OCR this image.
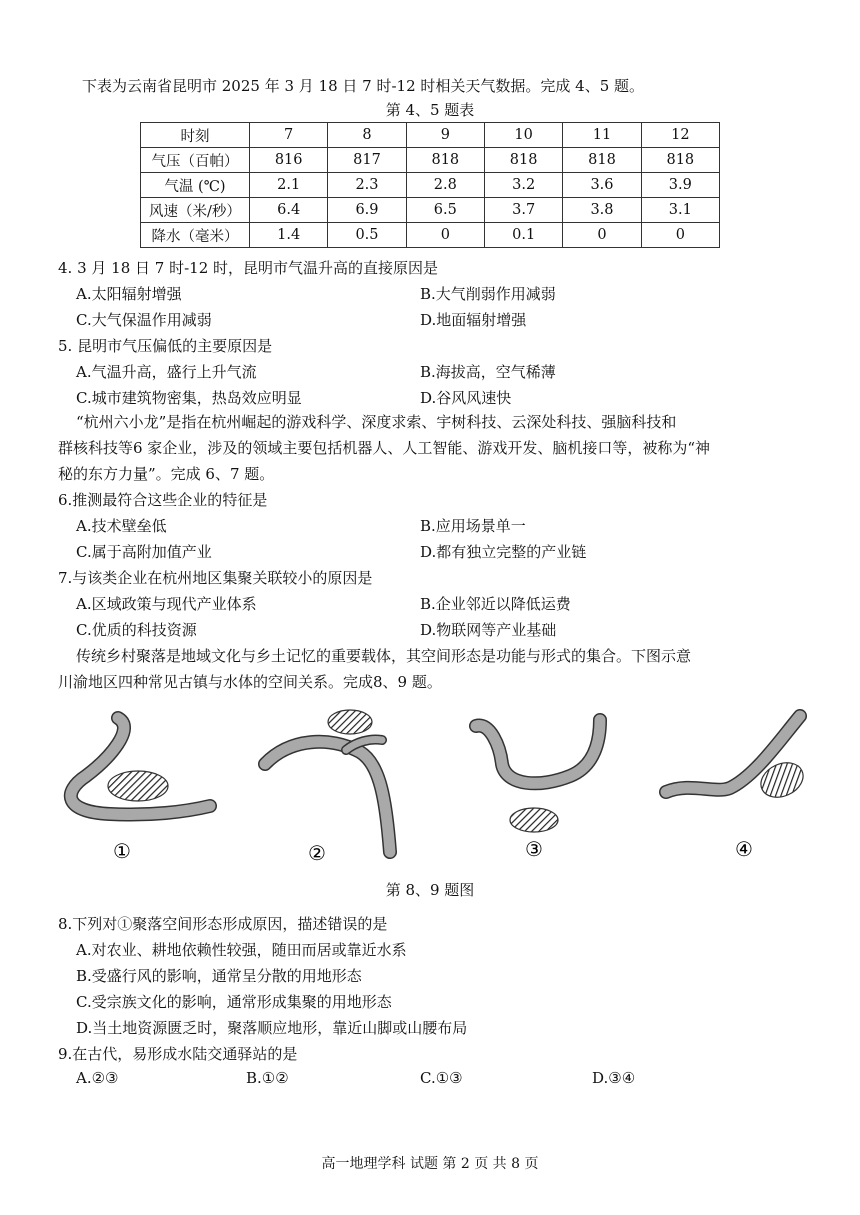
下表为云南省昆明市 2025 年 3 月 18 日 7 时-12 时相关天气数据。完成 4、5 题。
第 4、5 题表
时刻	7	8	9	10	11	12
气压（百帕）	816	817	818	818	818	818
气温 (℃)	2.1	2.3	2.8	3.2	3.6	3.9
风速（米/秒）	6.4	6.9	6.5	3.7	3.8	3.1
降水（毫米）	1.4	0.5	0	0.1	0	0
4. 3 月 18 日 7 时-12 时，昆明市气温升高的直接原因是
A.太阳辐射增强	B.大气削弱作用减弱
C.大气保温作用减弱	D.地面辐射增强
5. 昆明市气压偏低的主要原因是
A.气温升高，盛行上升气流	B.海拔高，空气稀薄
C.城市建筑物密集，热岛效应明显	D.谷风风速快
“杭州六小龙”是指在杭州崛起的游戏科学、深度求索、宇树科技、云深处科技、强脑科技和
群核科技等6 家企业，涉及的领域主要包括机器人、人工智能、游戏开发、脑机接口等，被称为“神
秘的东方力量”。完成 6、7 题。
6.推测最符合这些企业的特征是
A.技术壁垒低	B.应用场景单一
C.属于高附加值产业	D.都有独立完整的产业链
7.与该类企业在杭州地区集聚关联较小的原因是
A.区域政策与现代产业体系	B.企业邻近以降低运费
C.优质的科技资源	D.物联网等产业基础
传统乡村聚落是地域文化与乡土记忆的重要载体，其空间形态是功能与形式的集合。下图示意
川渝地区四种常见古镇与水体的空间关系。完成8、9 题。
①	②	③	④
第 8、9 题图
8.下列对①聚落空间形态形成原因，描述错误的是
A.对农业、耕地依赖性较强，随田而居或靠近水系
B.受盛行风的影响，通常呈分散的用地形态
C.受宗族文化的影响，通常形成集聚的用地形态
D.当土地资源匮乏时，聚落顺应地形，靠近山脚或山腰布局
9.在古代，易形成水陆交通驿站的是
A.②③	B.①②	C.①③	D.③④
高一地理学科 试题 第 2 页 共 8 页
